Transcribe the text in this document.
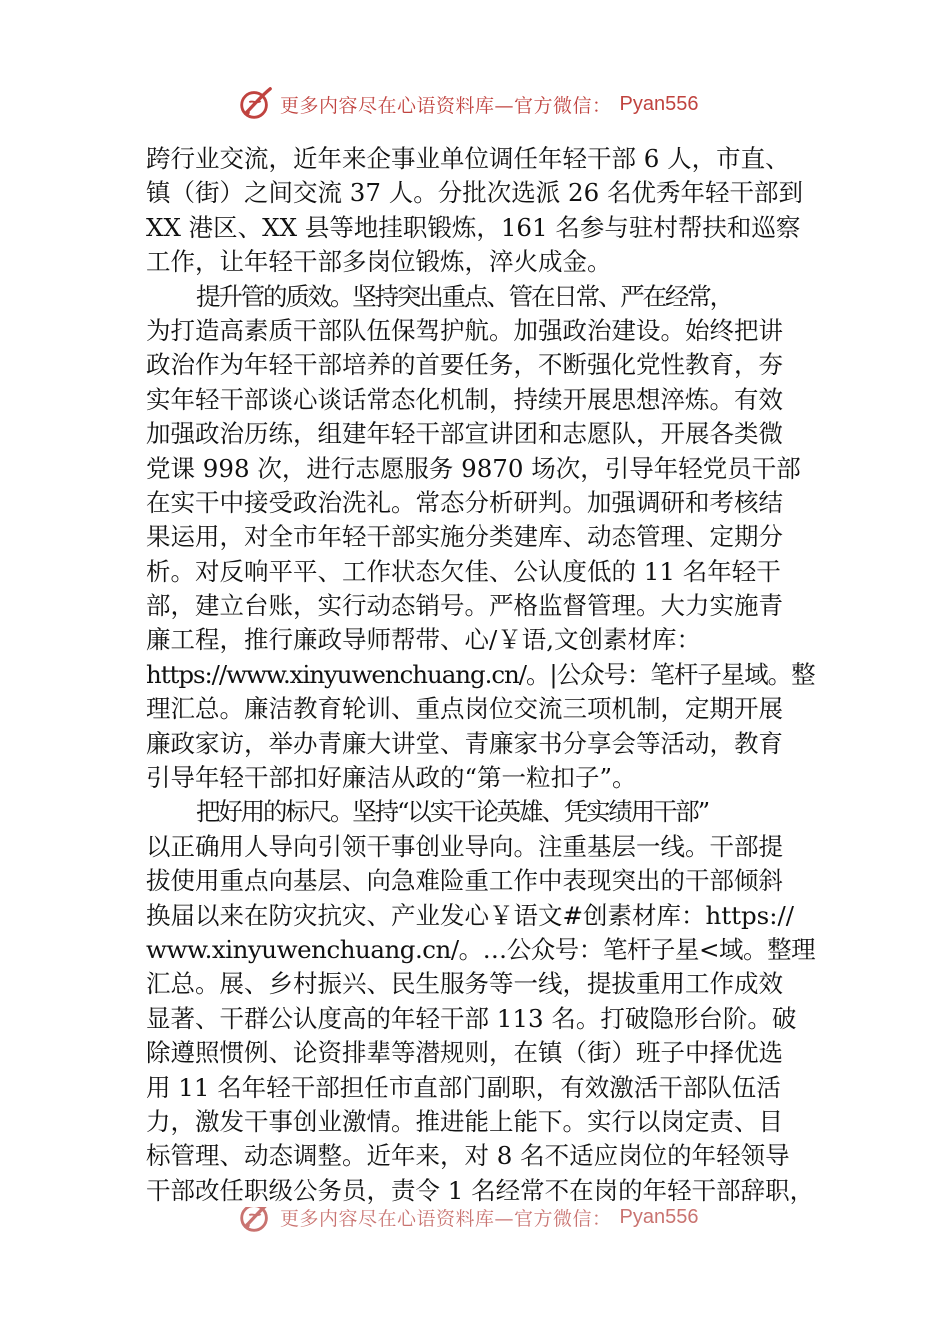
更多内容尽在心语资料库—官方微信： Pyan556
跨行业交流，近年来企事业单位调任年轻干部 6 人，市直、
镇（街）之间交流 37 人。分批次选派 26 名优秀年轻干部到
XX 港区、XX 县等地挂职锻炼，161 名参与驻村帮扶和巡察
工作，让年轻干部多岗位锻炼，淬火成金。
提升管的质效。坚持突出重点、管在日常、严在经常，
为打造高素质干部队伍保驾护航。加强政治建设。始终把讲
政治作为年轻干部培养的首要任务，不断强化党性教育，夯
实年轻干部谈心谈话常态化机制，持续开展思想淬炼。有效
加强政治历练，组建年轻干部宣讲团和志愿队，开展各类微
党课 998 次，进行志愿服务 9870 场次，引导年轻党员干部
在实干中接受政治洗礼。常态分析研判。加强调研和考核结
果运用，对全市年轻干部实施分类建库、动态管理、定期分
析。对反响平平、工作状态欠佳、公认度低的 11 名年轻干
部，建立台账，实行动态销号。严格监督管理。大力实施青
廉工程，推行廉政导师帮带、心/￥语,文创素材库：
https://www.xinyuwenchuang.cn/。|公众号：笔杆子星域。整
理汇总。廉洁教育轮训、重点岗位交流三项机制，定期开展
廉政家访，举办青廉大讲堂、青廉家书分享会等活动，教育
引导年轻干部扣好廉洁从政的“第一粒扣子”。
把好用的标尺。坚持“以实干论英雄、凭实绩用干部”
以正确用人导向引领干事创业导向。注重基层一线。干部提
拔使用重点向基层、向急难险重工作中表现突出的干部倾斜
换届以来在防灾抗灾、产业发心￥语文#创素材库：https://
www.xinyuwenchuang.cn/。…公众号：笔杆子星<域。整理
汇总。展、乡村振兴、民生服务等一线，提拔重用工作成效
显著、干群公认度高的年轻干部 113 名。打破隐形台阶。破
除遵照惯例、论资排辈等潜规则，在镇（街）班子中择优选
用 11 名年轻干部担任市直部门副职，有效激活干部队伍活
力，激发干事创业激情。推进能上能下。实行以岗定责、目
标管理、动态调整。近年来，对 8 名不适应岗位的年轻领导
干部改任职级公务员，责令 1 名经常不在岗的年轻干部辞职，
更多内容尽在心语资料库—官方微信： Pyan556
